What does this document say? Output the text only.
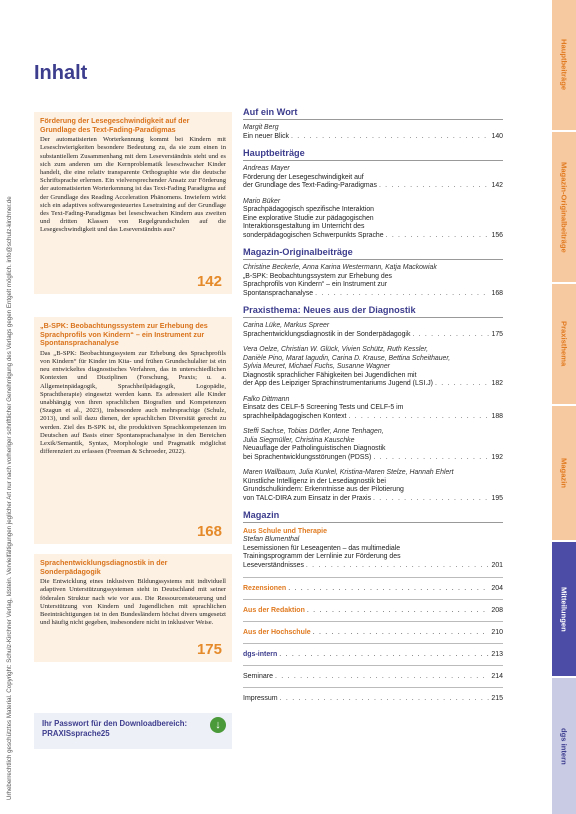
Urheberrechtlich geschütztes Material. Copyright: Schulz-Kirchner Verlag, Idstein. Vervielfältigungen jeglicher Art nur nach vorheriger schriftlicher Genehmigung des Verlags gegen Entgelt möglich. info@schulz-kirchner.de
Inhalt
Förderung der Lesegeschwindigkeit auf der Grundlage des Text-Fading-Paradigmas
Der automatisierten Worterkennung kommt bei Kindern mit Leseschwierigkeiten besondere Bedeutung zu, da sie zum einen in substantiellem Zusammenhang mit dem Leseverständnis steht und es sich zum anderen um die Kernproblematik leseschwacher Kinder handelt, die eine relativ transparente Orthographie wie die deutsche Schriftsprache erlernen. Ein vielversprechender Ansatz zur Förderung der automatisierten Worterkennung ist das Text-Fading Paradigma auf der Grundlage des Reading Acceleration Phänomens. Inwiefern wirkt sich ein adaptives softwaregesteuertes Lesetraining auf der Grundlage des Text-Fading-Paradigmas bei leseschwachen Kindern aus zweiten und dritten Klassen von Regelgrundschulen auf die Lesegeschwindigkeit und das Leseverständnis aus?
142
„B-SPK: Beobachtungssystem zur Erhebung des Sprachprofils von Kindern“ – ein Instrument zur Spontansprachanalyse
Das „B-SPK: Beobachtungssystem zur Erhebung des Sprachprofils von Kindern“ für Kinder im Kita- und frühen Grundschulalter ist ein neu entwickeltes diagnostisches Verfahren, das in unterschiedlichen Kontexten und Disziplinen (Forschung, Praxis; u. a. Allgemeinpädagogik, Sprachheilpädagogik, Logopädie, Sprachtherapie) eingesetzt werden kann. Es adressiert alle Kinder unabhängig von ihren sprachlichen Biografien und Kompetenzen (Szagun et al., 2023), insbesondere auch mehrsprachige (Schulz, 2013), und soll dazu dienen, der sprachlichen Diversität gerecht zu werden. Ziel des B-SPK ist, die produktiven Sprachkompetenzen im Deutschen auf Basis einer Spontansprachanalyse in den Bereichen Lexik/Semantik, Syntax, Morphologie und Pragmatik möglichst differenziert zu erfassen (Freeman & Schroeder, 2022).
168
Sprachentwicklungsdiagnostik in der Sonderpädagogik
Die Entwicklung eines inklusiven Bildungssystems mit individuell adaptiven Unterstützungssystemen steht in Deutschland mit seiner föderalen Struktur nach wie vor aus. Die Ressourcensteuerung und Unterstützung von Kindern und Jugendlichen mit sprachlichen Beeinträchtigungen ist in den Bundesländern höchst divers umgesetzt und häufig nicht gegeben, insbesondere nicht in inklusiver Weise.
175
Ihr Passwort für den Downloadbereich:
PRAXISsprache25
↓
Auf ein Wort
Margit Berg
Ein neuer Blick . . .	140
Hauptbeiträge
Andreas Mayer
Förderung der Lesegeschwindigkeit auf
der Grundlage des Text-Fading-Paradigmas . . .	142
Mario Büker
Sprachpädagogisch spezifische Interaktion
Eine explorative Studie zur pädagogischen
Interaktionsgestaltung im Unterricht des
sonderpädagogischen Schwerpunkts Sprache . . .	156
Magazin-Originalbeiträge
Christine Beckerle, Anna Karina Westermann, Katja Mackowiak
„B-SPK: Beobachtungssystem zur Erhebung des
Sprachprofils von Kindern“ – ein Instrument zur
Spontansprachanalyse . . .	168
Praxisthema: Neues aus der Diagnostik
Carina Lüke, Markus Spreer
Sprachentwicklungsdiagnostik in der Sonderpädagogik . . .	175
Vera Oelze, Christian W. Glück, Vivien Schütz, Ruth Kessler,
Danièle Pino, Marat Iagudin, Carina D. Krause, Bettina Scheithauer,
Sylvia Meuret, Michael Fuchs, Susanne Wagner
Diagnostik sprachlicher Fähigkeiten bei Jugendlichen mit
der App des Leipziger Sprachinstrumentariums Jugend (LSI.J) . . .	182
Falko Dittmann
Einsatz des CELF-5 Screening Tests und CELF-5 im
sprachheilpädagogischen Kontext . . .	188
Steffi Sachse, Tobias Dörfler, Anne Tenhagen,
Julia Siegmüller, Christina Kauschke
Neuauflage der Patholinguistischen Diagnostik
bei Sprachentwicklungsstörungen (PDSS) . . .	192
Maren Wallbaum, Julia Kunkel, Kristina-Maren Stelze, Hannah Ehlert
Künstliche Intelligenz in der Lesediagnostik bei
Grundschulkindern: Erkenntnisse aus der Pilotierung
von TALC-DIRA zum Einsatz in der Praxis . . .	195
Magazin
Aus Schule und Therapie
Stefan Blumenthal
Lesemissionen für Leseagenten – das multimediale
Trainingsprogramm der Lernlinie zur Förderung des
Leseverständnisses . . .	201
Rezensionen . . .	204
Aus der Redaktion . . .	208
Aus der Hochschule . . .	210
dgs-intern . . .	213
Seminare . . .	214
Impressum . . .	215
Hauptbeiträge
Magazin-Originalbeiträge
Praxisthema
Magazin
Mitteilungen
dgs intern
